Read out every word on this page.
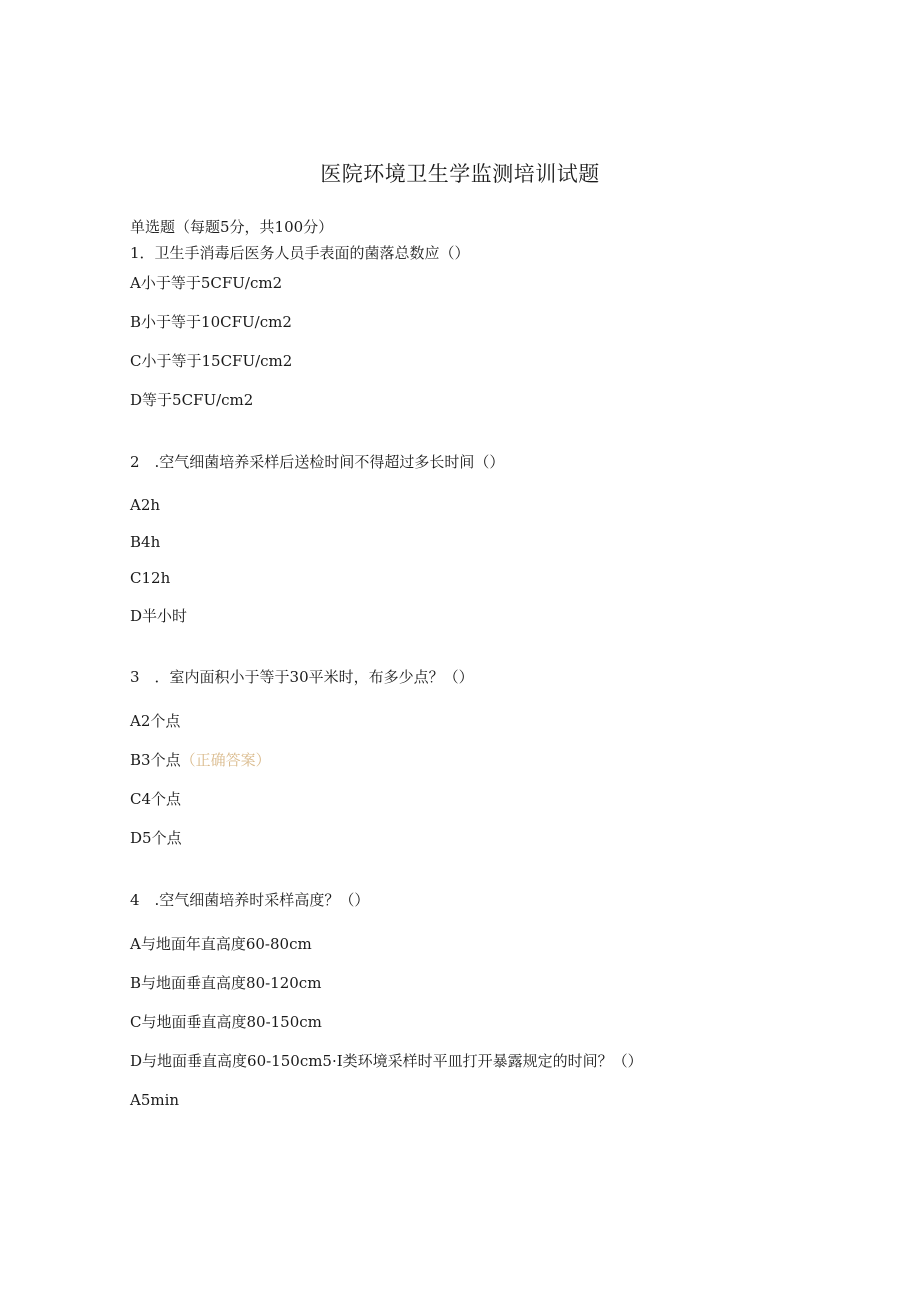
医院环境卫生学监测培训试题
单选题（每题5分，共100分）
1．卫生手消毒后医务人员手表面的菌落总数应（）
A小于等于5CFU/cm2
B小于等于10CFU/cm2
C小于等于15CFU/cm2
D等于5CFU/cm2
2　.空气细菌培养采样后送检时间不得超过多长时间（）
A2h
B4h
C12h
D半小时
3　．室内面积小于等于30平米时，布多少点？（）
A2个点
B3个点（正确答案）
C4个点
D5个点
4　.空气细菌培养时采样高度？（）
A与地面年直高度60-80cm
B与地面垂直高度80-120cm
C与地面垂直高度80-150cm
D与地面垂直高度60-150cm5·I类环境采样时平皿打开暴露规定的时间？（）
A5min
